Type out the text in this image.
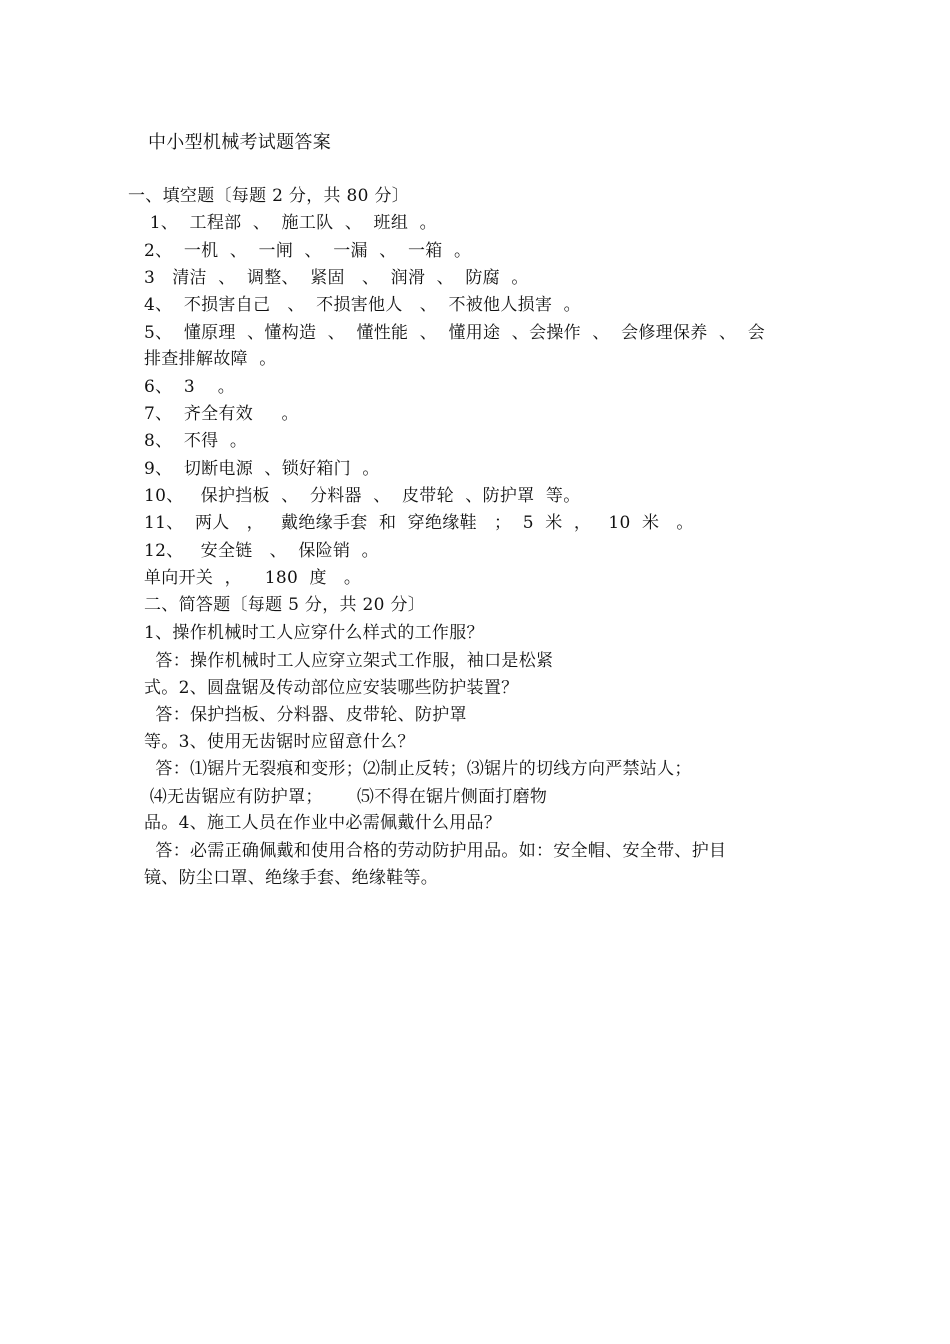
中小型机械考试题答案
一、填空题〔每题 2 分，共 80 分〕
1、  工程部  、  施工队  、  班组  。
2、  一机  、  一闸  、  一漏  、  一箱  。
3   清洁  、  调整、  紧固   、  润滑  、  防腐  。
4、  不损害自己   、  不损害他人   、  不被他人损害  。
5、  懂原理  、懂构造  、  懂性能  、  懂用途  、会操作  、  会修理保养  、  会
排查排解故障  。
6、  3    。
7、  齐全有效     。
8、  不得  。
9、  切断电源  、锁好箱门  。
10、   保护挡板  、  分料器  、  皮带轮  、防护罩  等。
11、  两人   ，   戴绝缘手套  和  穿绝缘鞋   ；  5  米  ，   10  米   。
12、   安全链   、  保险销  。
单向开关  ，    180  度   。
二、简答题〔每题 5 分，共 20 分〕
1、操作机械时工人应穿什么样式的工作服？
答：操作机械时工人应穿立架式工作服，袖口是松紧
式。2、圆盘锯及传动部位应安装哪些防护装置？
答：保护挡板、分料器、皮带轮、防护罩
等。3、使用无齿锯时应留意什么？
答：⑴锯片无裂痕和变形；⑵制止反转；⑶锯片的切线方向严禁站人；
⑷无齿锯应有防护罩；      ⑸不得在锯片侧面打磨物
品。4、施工人员在作业中必需佩戴什么用品？
答：必需正确佩戴和使用合格的劳动防护用品。如：安全帽、安全带、护目
镜、防尘口罩、绝缘手套、绝缘鞋等。
